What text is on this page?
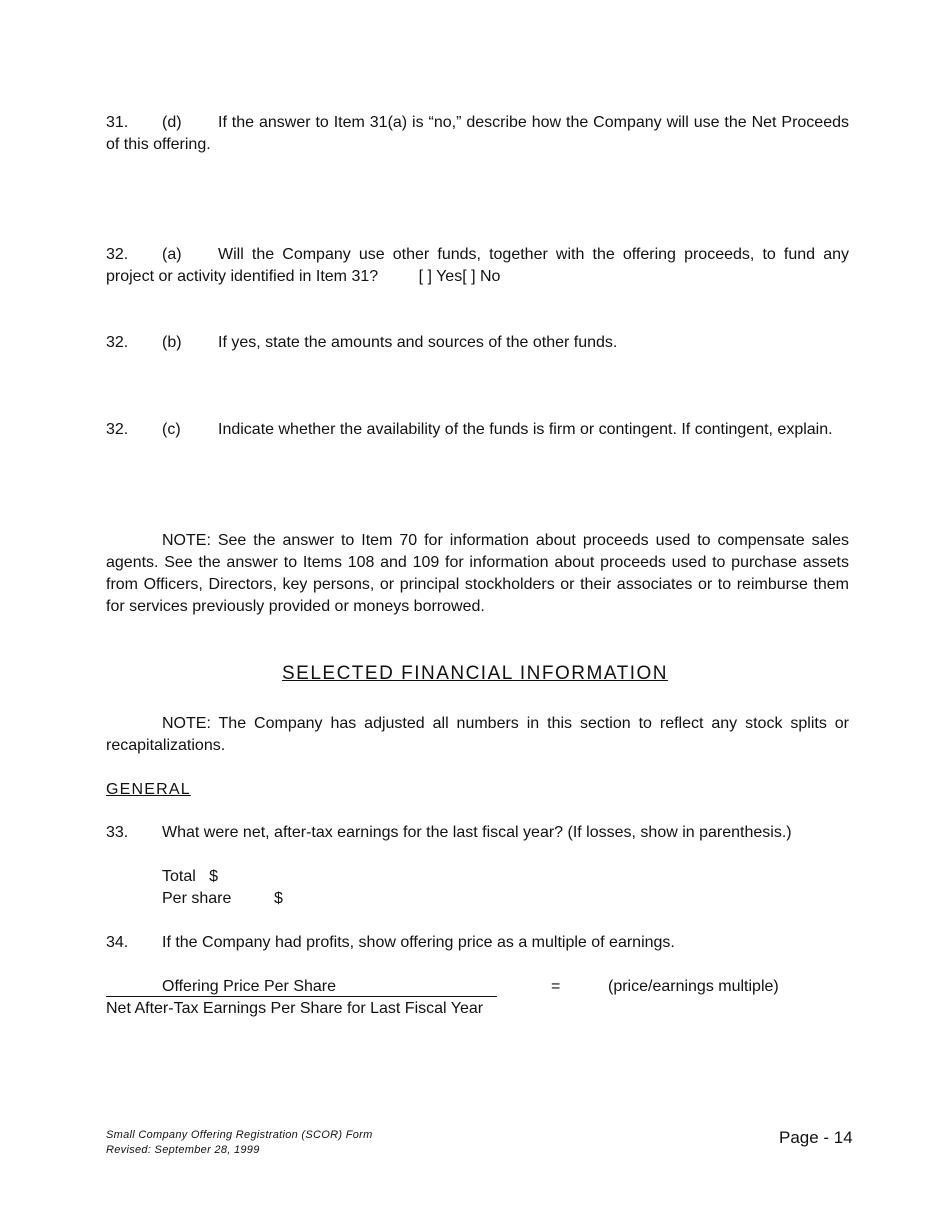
31. (d) If the answer to Item 31(a) is “no,” describe how the Company will use the Net Proceeds of this offering.
32. (a) Will the Company use other funds, together with the offering proceeds, to fund any project or activity identified in Item 31?	[ ] Yes[ ] No
32. (b) If yes, state the amounts and sources of the other funds.
32. (c) Indicate whether the availability of the funds is firm or contingent. If contingent, explain.
NOTE: See the answer to Item 70 for information about proceeds used to compensate sales agents. See the answer to Items 108 and 109 for information about proceeds used to purchase assets from Officers, Directors, key persons, or principal stockholders or their associates or to reimburse them for services previously provided or moneys borrowed.
SELECTED FINANCIAL INFORMATION
NOTE: The Company has adjusted all numbers in this section to reflect any stock splits or recapitalizations.
GENERAL
33. What were net, after-tax earnings for the last fiscal year? (If losses, show in parenthesis.)
Total $
Per share	$
34. If the Company had profits, show offering price as a multiple of earnings.
Offering Price Per Share	=	(price/earnings multiple)
Net After-Tax Earnings Per Share for Last Fiscal Year
Small Company Offering Registration (SCOR) Form
Revised: September 28, 1999
Page - 14
